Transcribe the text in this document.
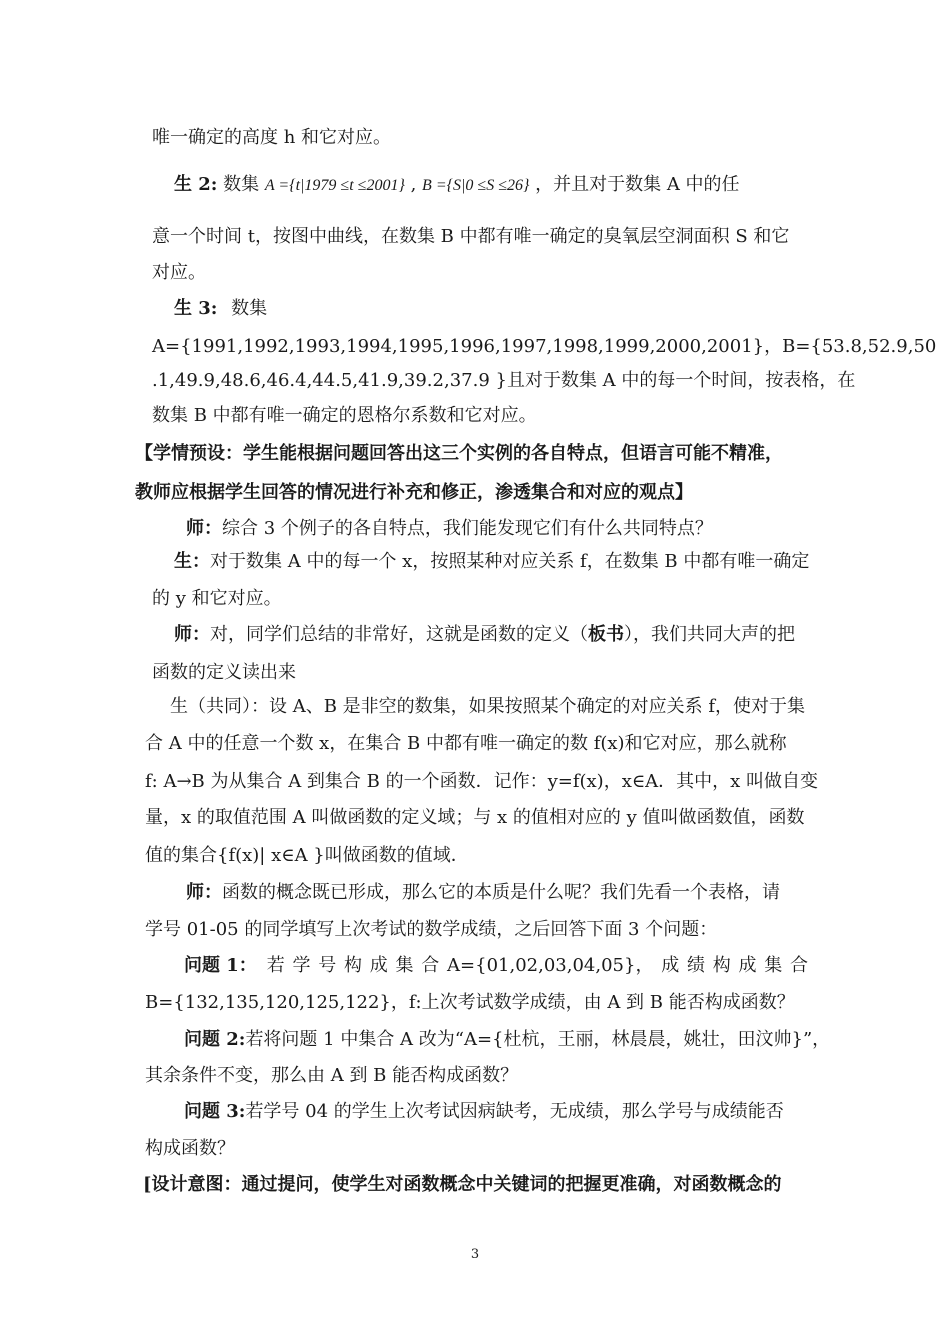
唯一确定的高度 h 和它对应。
生 2: 数集 A ={t|1979 ≤t ≤2001} , B ={S|0 ≤S ≤26} ，并且对于数集 A 中的任
意一个时间 t，按图中曲线，在数集 B 中都有唯一确定的臭氧层空洞面积 S 和它
对应。
生 3: 数集
A={1991,1992,1993,1994,1995,1996,1997,1998,1999,2000,2001}，B={53.8,52.9,50
.1,49.9,48.6,46.4,44.5,41.9,39.2,37.9 }且对于数集 A 中的每一个时间，按表格，在
数集 B 中都有唯一确定的恩格尔系数和它对应。
【学情预设：学生能根据问题回答出这三个实例的各自特点，但语言可能不精准，
教师应根据学生回答的情况进行补充和修正，渗透集合和对应的观点】
师：综合 3 个例子的各自特点，我们能发现它们有什么共同特点？
生：对于数集 A 中的每一个 x，按照某种对应关系 f，在数集 B 中都有唯一确定
的 y 和它对应。
师：对，同学们总结的非常好，这就是函数的定义（板书），我们共同大声的把
函数的定义读出来
生（共同）：设 A、B 是非空的数集，如果按照某个确定的对应关系 f，使对于集
合 A 中的任意一个数 x，在集合 B 中都有唯一确定的数 f(x)和它对应，那么就称
f: A→B 为从集合 A 到集合 B 的一个函数．记作：y=f(x)，x∈A．其中，x 叫做自变
量，x 的取值范围 A 叫做函数的定义域；与 x 的值相对应的 y 值叫做函数值，函数
值的集合{f(x)| x∈A }叫做函数的值域．
师：函数的概念既已形成，那么它的本质是什么呢？我们先看一个表格，请
学号 01-05 的同学填写上次考试的数学成绩，之后回答下面 3 个问题：
问题 1： 若 学 号 构 成 集 合 A={01,02,03,04,05}， 成 绩 构 成 集 合
B={132,135,120,125,122}，f:上次考试数学成绩，由 A 到 B 能否构成函数？
问题 2:若将问题 1 中集合 A 改为“A={杜杭，王丽，林晨晨，姚壮，田汶帅}”，
其余条件不变，那么由 A 到 B 能否构成函数？
问题 3:若学号 04 的学生上次考试因病缺考，无成绩，那么学号与成绩能否
构成函数？
[设计意图：通过提问，使学生对函数概念中关键词的把握更准确，对函数概念的
3
